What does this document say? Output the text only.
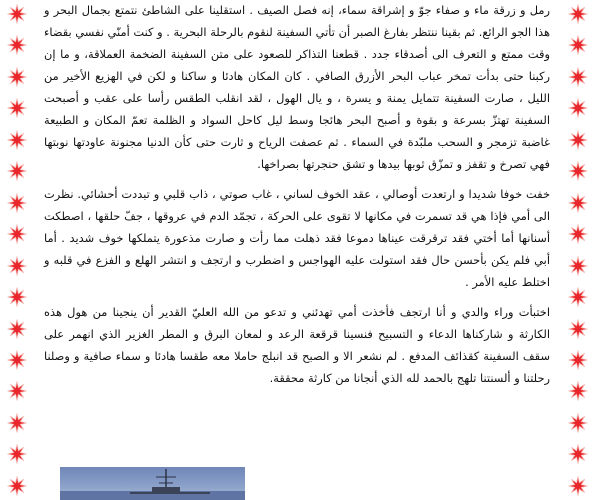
رمل و زرقة ماء و صفاء جوّ و إشراقة سماء، إنه فصل الصيف . استقلينا على الشاطئ نتمتع بجمال البحر و هذا الجو الرائع. ثم بقينا ننتظر بفارغ الصبر أن تأتي السفينة لنقوم بالرحلة البحرية . و كنت أمنّي نفسي بقضاء وقت ممتع و التعرف الى أصدقاء جدد . قطعنا التذاكر للصعود على متن السفينة الضخمة العملاقة، و ما إن ركبنا حتى بدأت تمخر عباب البحر الأزرق الصافي . كان المكان هادئا و ساكنا و لكن في الهزيع الأخير من الليل ، صارت السفينة تتمايل يمنة و يسرة ، و يال الهول ، لقد انقلب الطقس رأسا على عقب و أصبحت السفينة تهتزّ بسرعة و بقوة و أصبح البحر هائجا وسط ليل كاحل السواد و الظلمة تعمّ المكان و الطبيعة غاضبة تزمجر و السحب ملبّدة في السماء . ثم عصفت الرياح و ثارت حتى كأن الدنيا مجنونة عاودتها نوبتها فهي تصرخ و تقفز و تمزّق ثوبها بيدها و تشق حنجرتها بصراخها.

خفت خوفا شديدا و ارتعدت أوصالي ، عقد الخوف لساني ، غاب صوتي ، ذاب قلبي و تبددت أحشائي. نظرت الى أمي فإذا هي قد تسمرت في مكانها لا تقوى على الحركة ، تجمّد الدم في عروقها ، جفّ حلقها ، اصطكت أسنانها أما أختي فقد ترقرقت عيناها دموعا فقد ذهلت مما رأت و صارت مذعورة يتملكها خوف شديد . أما أبي فلم يكن بأحسن حال فقد استولت عليه الهواجس و اضطرب و ارتجف و انتشر الهلع و الفزع في قلبه و اختلط عليه الأمر .

اختبأت وراء والدي و أنا ارتجف فأخذت أمي تهدئني و تدعو من الله العليّ القدير أن ينجينا من هول هذه الكارثة و شاركناها الدعاء و التسبيح فنسينا قرقعة الرعد و لمعان البرق و المطر الغزير الذي انهمر على سقف السفينة كقذائف المدفع . لم نشعر الا و الصبح قد انبلج حاملا معه طقسا هادئا و سماء صافية و وصلنا رحلتنا و ألسنتنا تلهج بالحمد لله الذي أنجانا من كارثة محققة.
